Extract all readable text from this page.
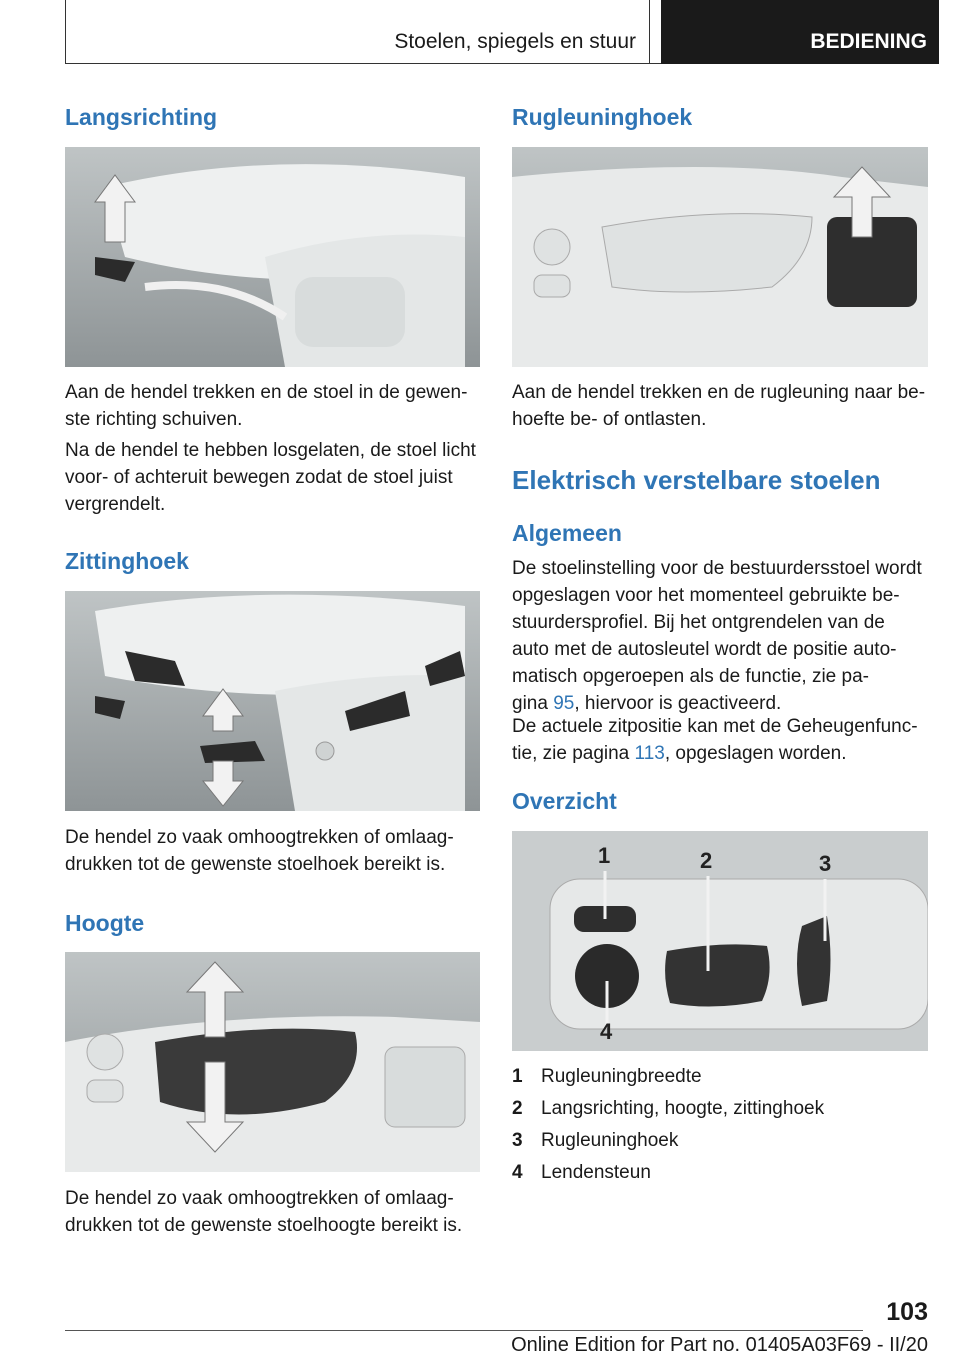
Stoelen, spiegels en stuur	BEDIENING
Langsrichting
Aan de hendel trekken en de stoel in de gewen‐
ste richting schuiven.
Na de hendel te hebben losgelaten, de stoel licht
voor- of achteruit bewegen zodat de stoel juist
vergrendelt.
Zittinghoek
De hendel zo vaak omhoogtrekken of omlaag‐
drukken tot de gewenste stoelhoek bereikt is.
Hoogte
De hendel zo vaak omhoogtrekken of omlaag‐
drukken tot de gewenste stoelhoogte bereikt is.
Rugleuninghoek
Aan de hendel trekken en de rugleuning naar be‐
hoefte be- of ontlasten.
Elektrisch verstelbare stoelen
Algemeen
De stoelinstelling voor de bestuurdersstoel wordt
opgeslagen voor het momenteel gebruikte be‐
stuurdersprofiel. Bij het ontgrendelen van de
auto met de autosleutel wordt de positie auto‐
matisch opgeroepen als de functie, zie pa‐
gina 95, hiervoor is geactiveerd.
De actuele zitpositie kan met de Geheugenfunc‐
tie, zie pagina 113, opgeslagen worden.
Overzicht
1	2	3
4
1 Rugleuningbreedte
2 Langsrichting, hoogte, zittinghoek
3 Rugleuninghoek
4 Lendensteun
103
Online Edition for Part no. 01405A03F69 - II/20
